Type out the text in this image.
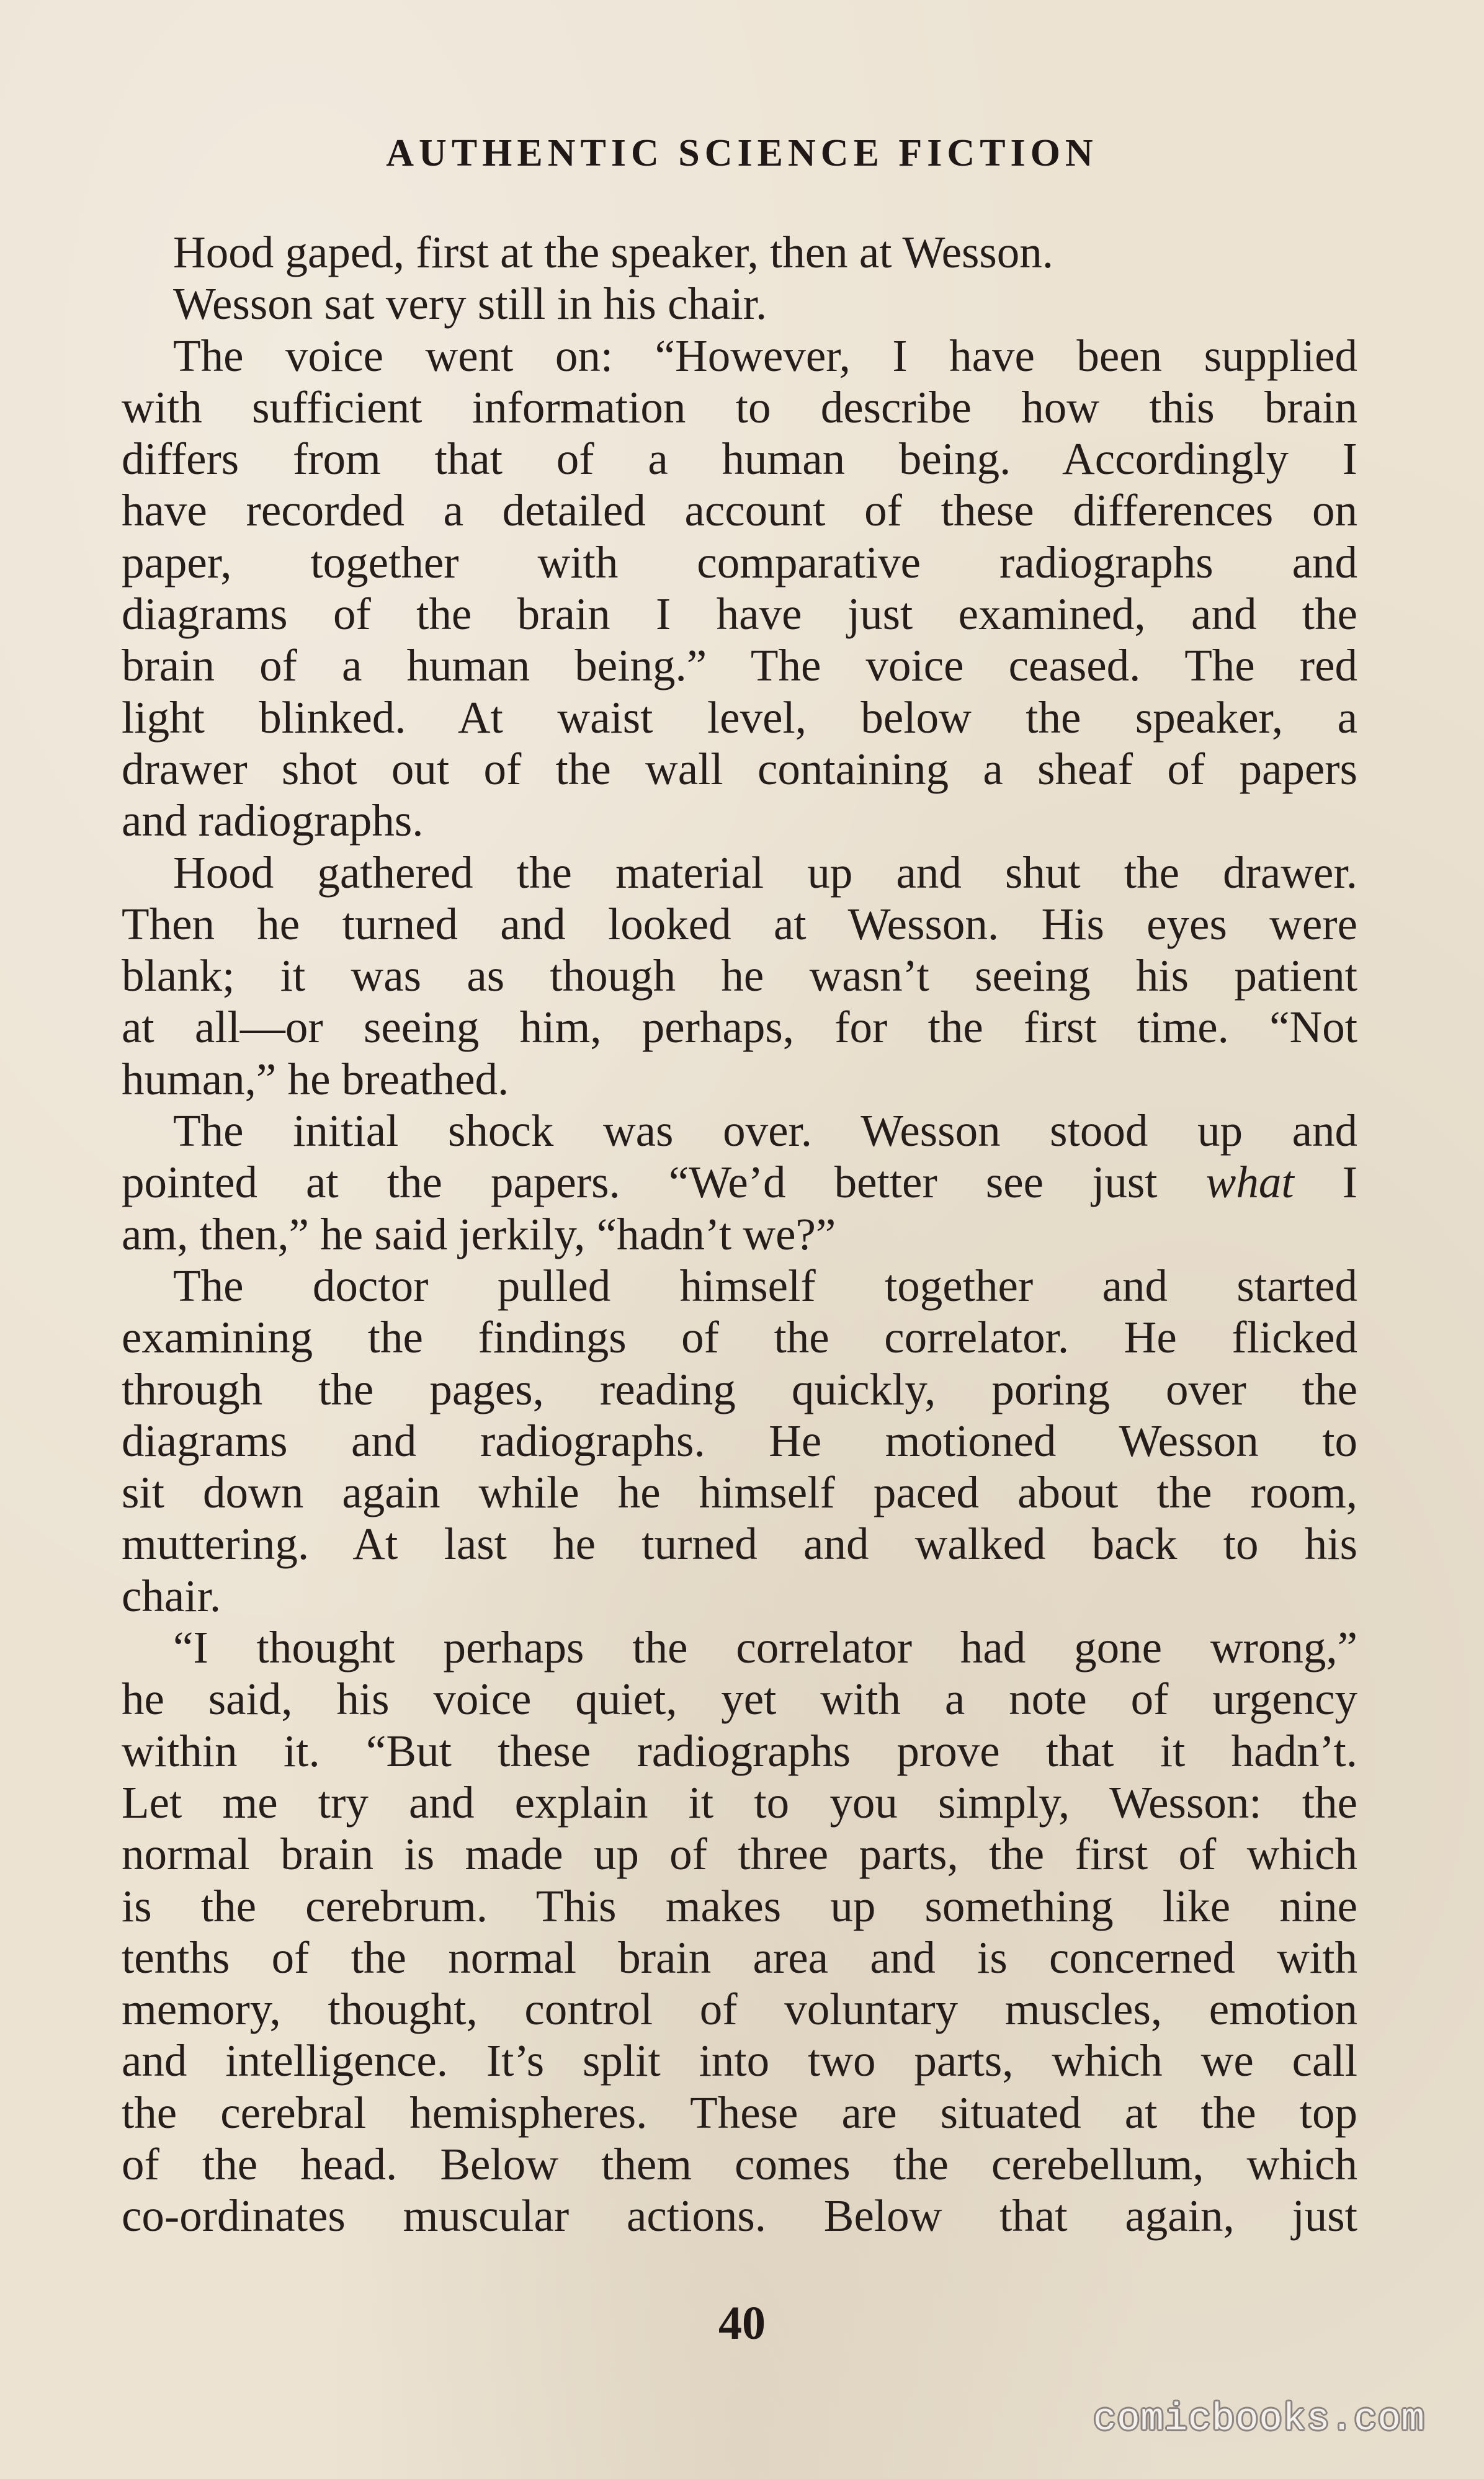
AUTHENTIC SCIENCE FICTION
Hood gaped, first at the speaker, then at Wesson.
Wesson sat very still in his chair.
The voice went on: “However, I have been supplied
with sufficient information to describe how this brain
differs from that of a human being. Accordingly I
have recorded a detailed account of these differences on
paper, together with comparative radiographs and
diagrams of the brain I have just examined, and the
brain of a human being.” The voice ceased. The red
light blinked. At waist level, below the speaker, a
drawer shot out of the wall containing a sheaf of papers
and radiographs.
Hood gathered the material up and shut the drawer.
Then he turned and looked at Wesson. His eyes were
blank; it was as though he wasn’t seeing his patient
at all—or seeing him, perhaps, for the first time. “Not
human,” he breathed.
The initial shock was over. Wesson stood up and
pointed at the papers. “We’d better see just what I
am, then,” he said jerkily, “hadn’t we?”
The doctor pulled himself together and started
examining the findings of the correlator. He flicked
through the pages, reading quickly, poring over the
diagrams and radiographs. He motioned Wesson to
sit down again while he himself paced about the room,
muttering. At last he turned and walked back to his
chair.
“I thought perhaps the correlator had gone wrong,”
he said, his voice quiet, yet with a note of urgency
within it. “But these radiographs prove that it hadn’t.
Let me try and explain it to you simply, Wesson: the
normal brain is made up of three parts, the first of which
is the cerebrum. This makes up something like nine
tenths of the normal brain area and is concerned with
memory, thought, control of voluntary muscles, emotion
and intelligence. It’s split into two parts, which we call
the cerebral hemispheres. These are situated at the top
of the head. Below them comes the cerebellum, which
co-ordinates muscular actions. Below that again, just
40
comicbooks.com
